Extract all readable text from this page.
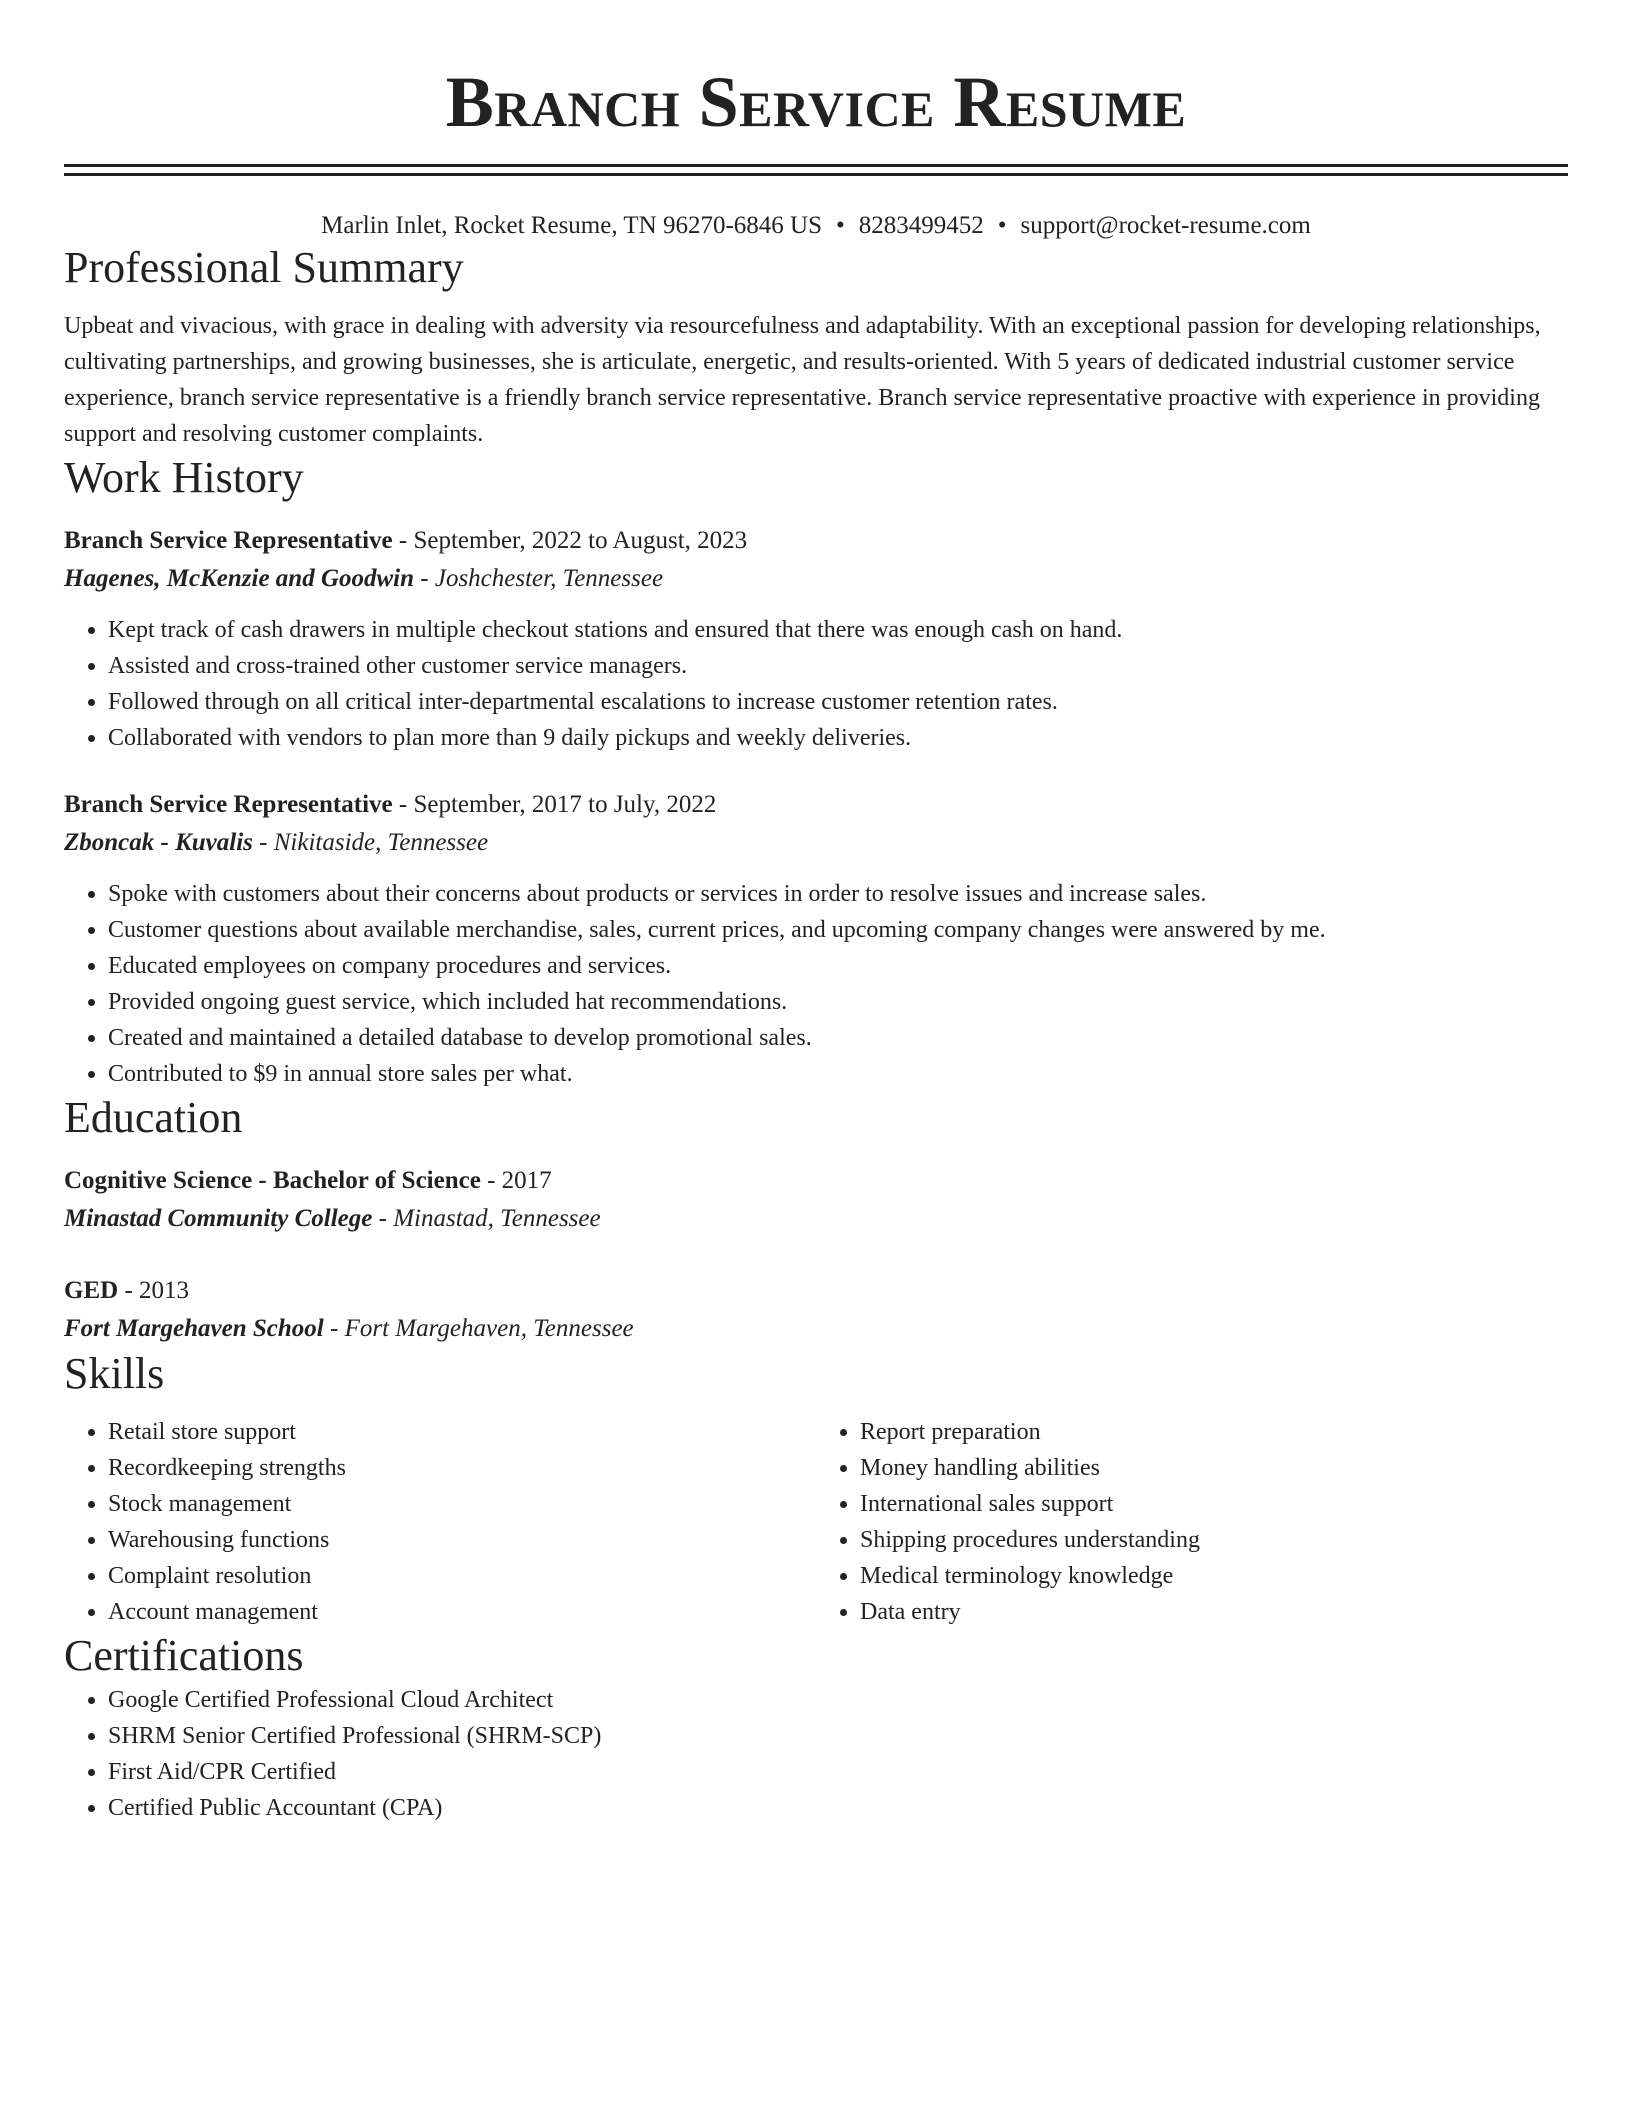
Branch Service Resume
Marlin Inlet, Rocket Resume, TN 96270-6846 US • 8283499452 • support@rocket-resume.com
Professional Summary
Upbeat and vivacious, with grace in dealing with adversity via resourcefulness and adaptability. With an exceptional passion for developing relationships, cultivating partnerships, and growing businesses, she is articulate, energetic, and results-oriented. With 5 years of dedicated industrial customer service experience, branch service representative is a friendly branch service representative. Branch service representative proactive with experience in providing support and resolving customer complaints.
Work History
Branch Service Representative - September, 2022 to August, 2023
Hagenes, McKenzie and Goodwin - Joshchester, Tennessee
• Kept track of cash drawers in multiple checkout stations and ensured that there was enough cash on hand.
• Assisted and cross-trained other customer service managers.
• Followed through on all critical inter-departmental escalations to increase customer retention rates.
• Collaborated with vendors to plan more than 9 daily pickups and weekly deliveries.
Branch Service Representative - September, 2017 to July, 2022
Zboncak - Kuvalis - Nikitaside, Tennessee
• Spoke with customers about their concerns about products or services in order to resolve issues and increase sales.
• Customer questions about available merchandise, sales, current prices, and upcoming company changes were answered by me.
• Educated employees on company procedures and services.
• Provided ongoing guest service, which included hat recommendations.
• Created and maintained a detailed database to develop promotional sales.
• Contributed to $9 in annual store sales per what.
Education
Cognitive Science - Bachelor of Science - 2017
Minastad Community College - Minastad, Tennessee
GED - 2013
Fort Margehaven School - Fort Margehaven, Tennessee
Skills
• Retail store support
• Recordkeeping strengths
• Stock management
• Warehousing functions
• Complaint resolution
• Account management
• Report preparation
• Money handling abilities
• International sales support
• Shipping procedures understanding
• Medical terminology knowledge
• Data entry
Certifications
• Google Certified Professional Cloud Architect
• SHRM Senior Certified Professional (SHRM-SCP)
• First Aid/CPR Certified
• Certified Public Accountant (CPA)
